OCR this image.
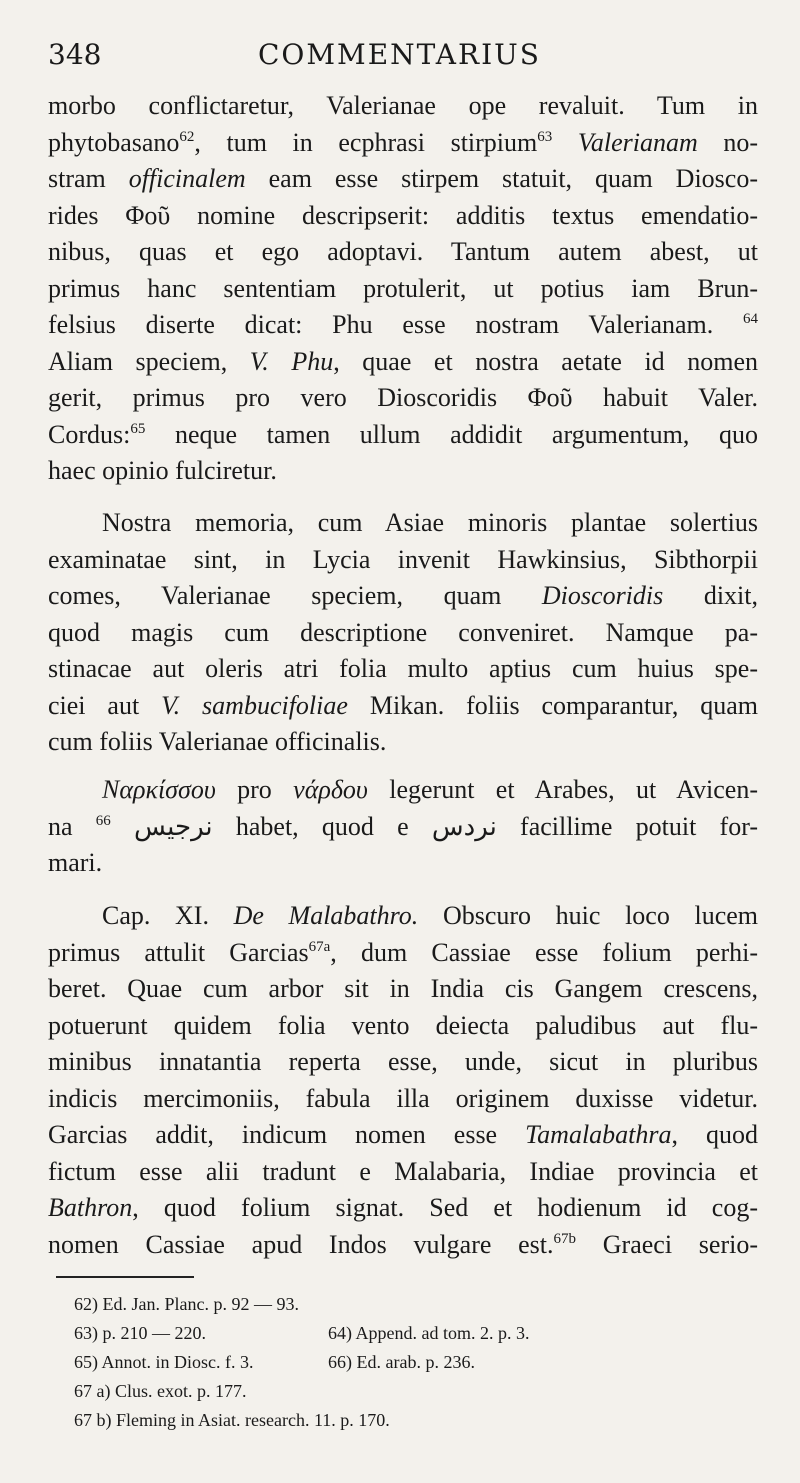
348	COMMENTARIUS
morbo conflictaretur, Valerianae ope revaluit. Tum in
phytobasano$^{62}$, tum in ecphrasi stirpium$^{63}$ Valerianam no-
stram officinalem eam esse stirpem statuit, quam Diosco-
rides Φοῦ nomine descripserit: additis textus emendatio-
nibus, quas et ego adoptavi. Tantum autem abest, ut
primus hanc sententiam protulerit, ut potius iam Brun-
felsius diserte dicat: Phu esse nostram Valerianam. $^{64}$
Aliam speciem, V. Phu, quae et nostra aetate id nomen
gerit, primus pro vero Dioscoridis Φοῦ habuit Valer.
Cordus:$^{65}$ neque tamen ullum addidit argumentum, quo
haec opinio fulciretur.
Nostra memoria, cum Asiae minoris plantae solertius
examinatae sint, in Lycia invenit Hawkinsius, Sibthorpii
comes, Valerianae speciem, quam Dioscoridis dixit,
quod magis cum descriptione conveniret. Namque pa-
stinacae aut oleris atri folia multo aptius cum huius spe-
ciei aut V. sambucifoliae Mikan. foliis comparantur, quam
cum foliis Valerianae officinalis.
Ναρκίσσου pro νάρδου legerunt et Arabes, ut Avicen-
na $^{66}$ نرجيس habet, quod e نردس facillime potuit for-
mari.
Cap. XI. De Malabathro. Obscuro huic loco lucem
primus attulit Garcias$^{67a}$, dum Cassiae esse folium perhi-
beret. Quae cum arbor sit in India cis Gangem crescens,
potuerunt quidem folia vento deiecta paludibus aut flu-
minibus innatantia reperta esse, unde, sicut in pluribus
indicis mercimoniis, fabula illa originem duxisse videtur.
Garcias addit, indicum nomen esse Tamalabathra, quod
fictum esse alii tradunt e Malabaria, Indiae provincia et
Bathron, quod folium signat. Sed et hodienum id cog-
nomen Cassiae apud Indos vulgare est.$^{67b}$ Graeci serio-
62) Ed. Jan. Planc. p. 92 — 93.
63) p. 210 — 220.	64) Append. ad tom. 2. p. 3.
65) Annot. in Diosc. f. 3.	66) Ed. arab. p. 236.
67 a) Clus. exot. p. 177.
67 b) Fleming in Asiat. research. 11. p. 170.
